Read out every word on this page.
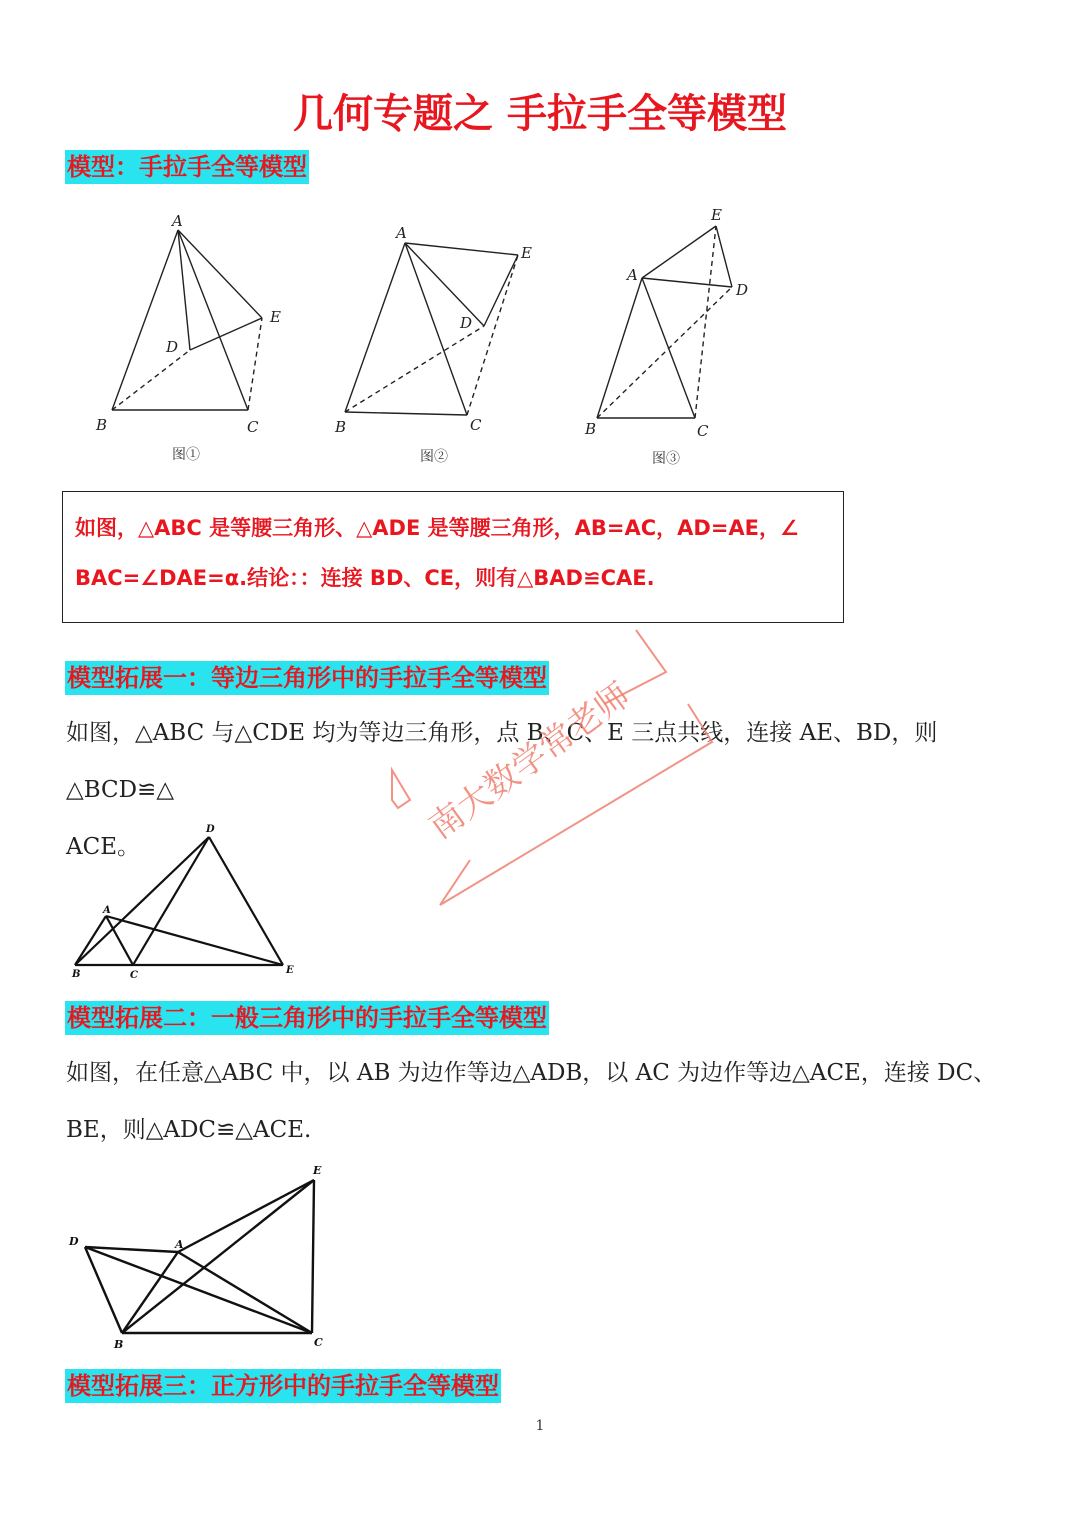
几何专题之 手拉手全等模型
模型：手拉手全等模型
A
D
E
B	C
A
E
D
B	C
E
A
D
B	C
图①	图②	图③
如图，△ABC 是等腰三角形、△ADE 是等腰三角形，AB=AC，AD=AE，∠
BAC=∠DAE=α.结论：：连接 BD、CE，则有△BAD≌CAE.
模型拓展一：等边三角形中的手拉手全等模型
如图，△ABC 与△CDE 均为等边三角形，点 B、C、E 三点共线，连接 AE、BD，则△BCD≌△
ACE。
D
A
B	C	E
模型拓展二：一般三角形中的手拉手全等模型
如图，在任意△ABC 中，以 AB 为边作等边△ADB，以 AC 为边作等边△ACE，连接 DC、
BE，则△ADC≌△ACE.
E
D	A
B	C
模型拓展三：正方形中的手拉手全等模型
1
南大数学常老师
